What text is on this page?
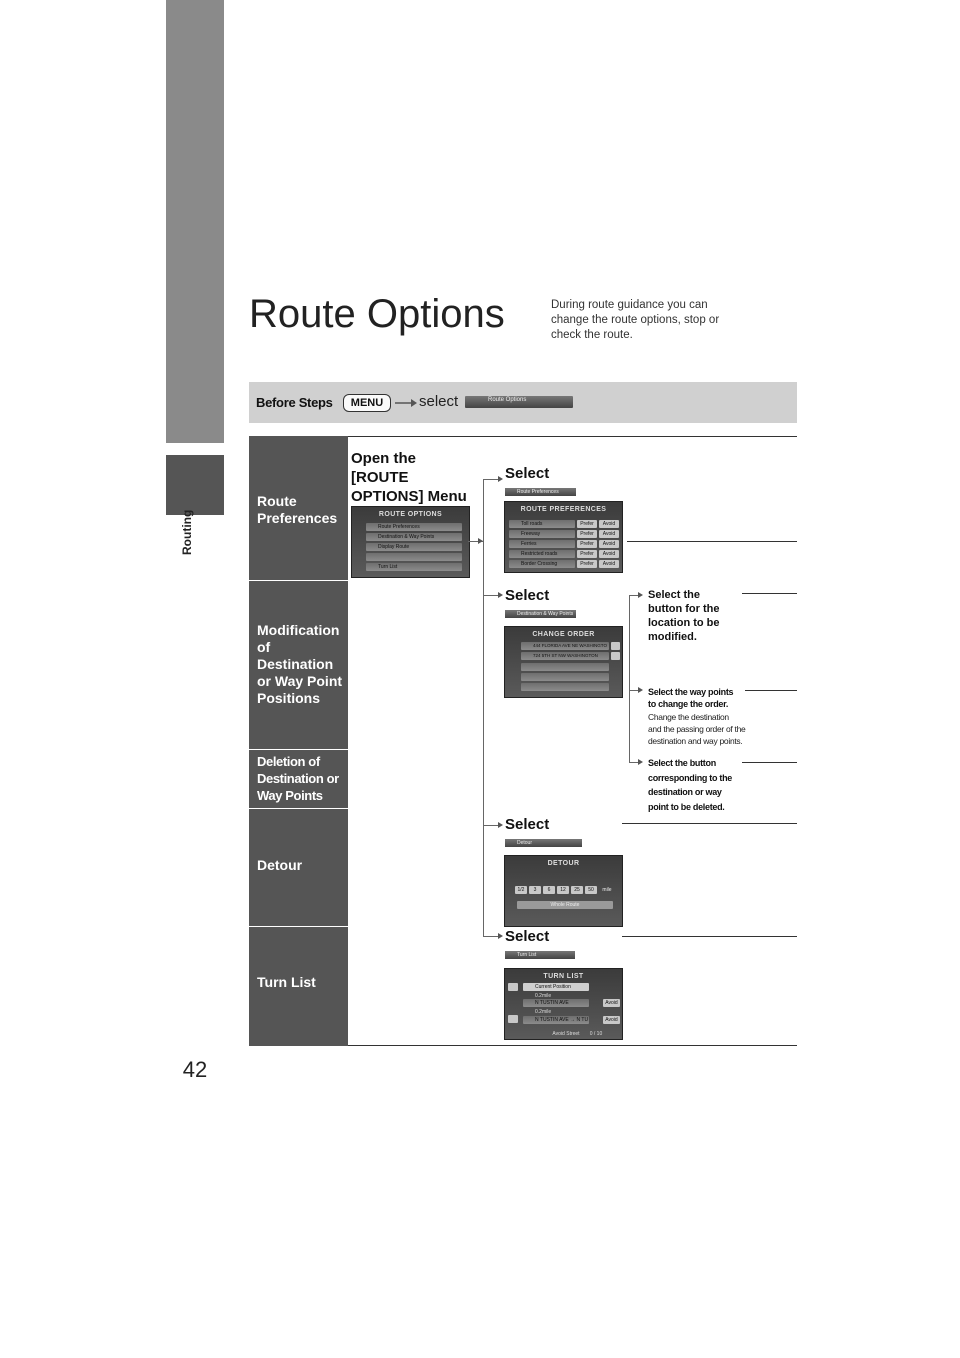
Routing
42
Route Options	During route guidance you can change the route options, stop or check the route.
Before Steps	MENU	select	Route Options
Route
Preferences
Modification
of
Destination
or Way Point
Positions
Deletion of
Destination or
Way Points
Detour
Turn List
Open the
[ROUTE
OPTIONS] Menu
ROUTE OPTIONS
Route Preferences
Destination & Way Points
Display Route
Turn List
Select
Select
Select
Select
Route Preferences
ROUTE PREFERENCES
Toll roads	Prefer	Avoid
Freeway	Prefer	Avoid
Ferries	Prefer	Avoid
Restricted roads	Prefer	Avoid
Border Crossing	Prefer	Avoid
Destination & Way Points
CHANGE ORDER
444 FLORIDA AVE NE WASHINGTO
724 5TH ST NW WASHINGTON
Select the
button for the
location to be
modified.
Select the way points
to change the order.
Change the destination
and the passing order of the
destination and way points.
Select the button
corresponding to the
destination or way
point to be deleted.
Detour
DETOUR
1/2	3	6	12	25	50	mile
Whole Route
Turn List
TURN LIST
Current Position
0.2mile
N TUSTIN AVE	Avoid
0.2mile
N TUSTIN AVE → N TU	Avoid
Avoid Street	0 / 10
